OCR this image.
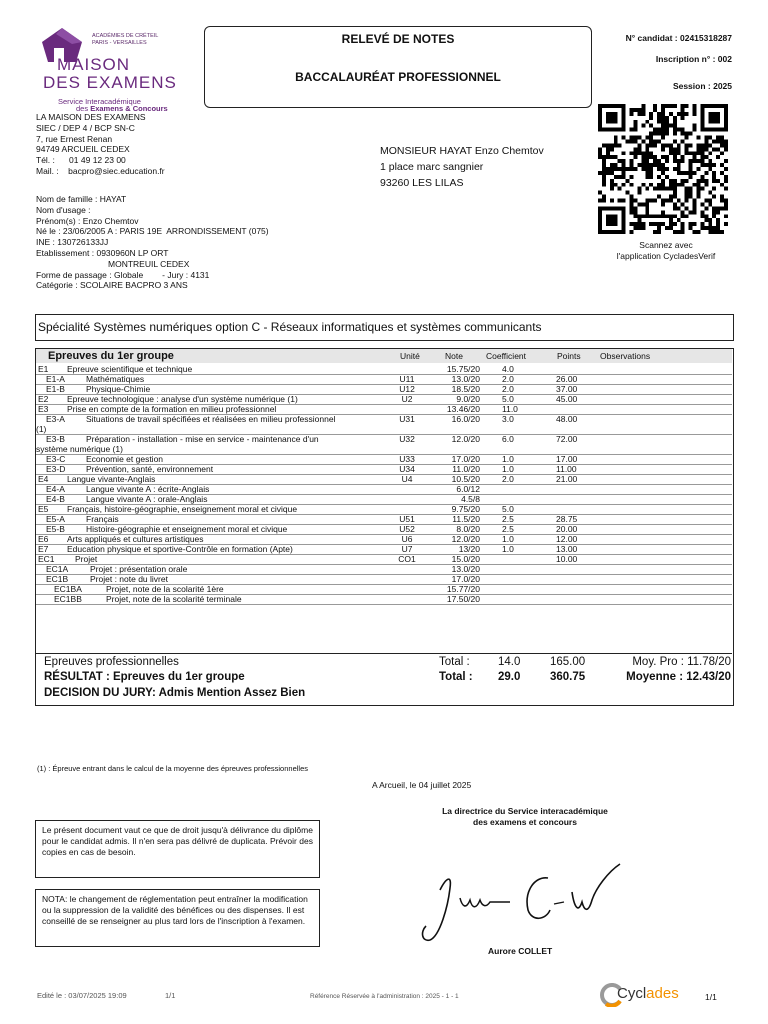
ACADÉMIES DE CRÉTEIL
PARIS - VERSAILLES
MAISON
DES EXAMENS
Service Interacadémique
des Examens & Concours
RELEVÉ DE NOTES
BACCALAURÉAT PROFESSIONNEL
N° candidat : 02415318287
Inscription n° : 002
Session : 2025
Scannez avec
l'application CycladesVerif
LA MAISON DES EXAMENS
SIEC / DEP 4 / BCP SN-C
7, rue Ernest Renan
94749 ARCUEIL CEDEX
Tél. :      01 49 12 23 00
Mail. :    bacpro@siec.education.fr
MONSIEUR HAYAT Enzo Chemtov
1 place marc sangnier
93260 LES LILAS
Nom de famille : HAYAT
Nom d'usage :
Prénom(s) : Enzo Chemtov
Né le : 23/06/2005 A : PARIS 19E  ARRONDISSEMENT (075)
INE : 130726133JJ
Etablissement : 0930960N LP ORT
MONTREUIL CEDEX
Forme de passage : Globale        - Jury : 4131
Catégorie : SCOLAIRE BACPRO 3 ANS
Spécialité Systèmes numériques option C - Réseaux informatiques et systèmes communicants
Epreuves du 1er groupe	Unité	Note	Coefficient	Points Observations
E1 Epreuve scientifique et technique	15.75/20	4.0
E1-A Mathématiques	U11	13.0/20	2.0	26.00
E1-B Physique-Chimie	U12	18.5/20	2.0	37.00
E2 Epreuve technologique : analyse d'un système numérique (1)	U2	9.0/20	5.0	45.00
E3 Prise en compte de la formation en milieu professionnel	13.46/20	11.0
E3-A Situations de travail spécifiées et réalisées en milieu professionnel
(1)
U31	16.0/20	3.0	48.00
E3-B Préparation - installation - mise en service - maintenance d'un
système numérique (1)
U32	12.0/20	6.0	72.00
E3-C Economie et gestion	U33	17.0/20	1.0	17.00
E3-D Prévention, santé, environnement	U34	11.0/20	1.0	11.00
E4 Langue vivante-Anglais	U4	10.5/20	2.0	21.00
E4-A Langue vivante A : écrite-Anglais	6.0/12
E4-B Langue vivante A : orale-Anglais	4.5/8
E5 Français, histoire-géographie, enseignement moral et civique	9.75/20	5.0
E5-A Français	U51	11.5/20	2.5	28.75
E5-B Histoire-géographie et enseignement moral et civique	U52	8.0/20	2.5	20.00
E6 Arts appliqués et cultures artistiques	U6	12.0/20	1.0	12.00
E7 Education physique et sportive-Contrôle en formation (Apte)	U7	13/20	1.0	13.00
EC1 Projet	CO1	15.0/20	10.00
EC1A	Projet : présentation orale	13.0/20
EC1B	Projet : note du livret	17.0/20
EC1BA	Projet, note de la scolarité 1ère	15.77/20
EC1BB	Projet, note de la scolarité terminale	17.50/20
Epreuves professionnelles	Total : 14.0	165.00	Moy. Pro : 11.78/20
RÉSULTAT : Epreuves du 1er groupe	Total : 29.0	360.75	Moyenne : 12.43/20
DECISION DU JURY: Admis Mention Assez Bien
(1) : Épreuve entrant dans le calcul de la moyenne des épreuves professionnelles
A Arcueil, le 04 juillet 2025
La directrice du Service interacadémique
des examens et concours
Aurore COLLET
Le présent document vaut ce que de droit jusqu'à délivrance du diplôme pour le candidat admis. Il n'en sera pas délivré de duplicata. Prévoir des copies en cas de besoin.
NOTA: le changement de réglementation peut entraîner la modification ou la suppression de la validité des bénéfices ou des dispenses. Il est conseillé de se renseigner au plus tard lors de l'inscription à l'examen.
Edité le : 03/07/2025 19:09	1/1	Référence Réservée à l'administration : 2025 - 1 - 1	Cyclades	1/1
